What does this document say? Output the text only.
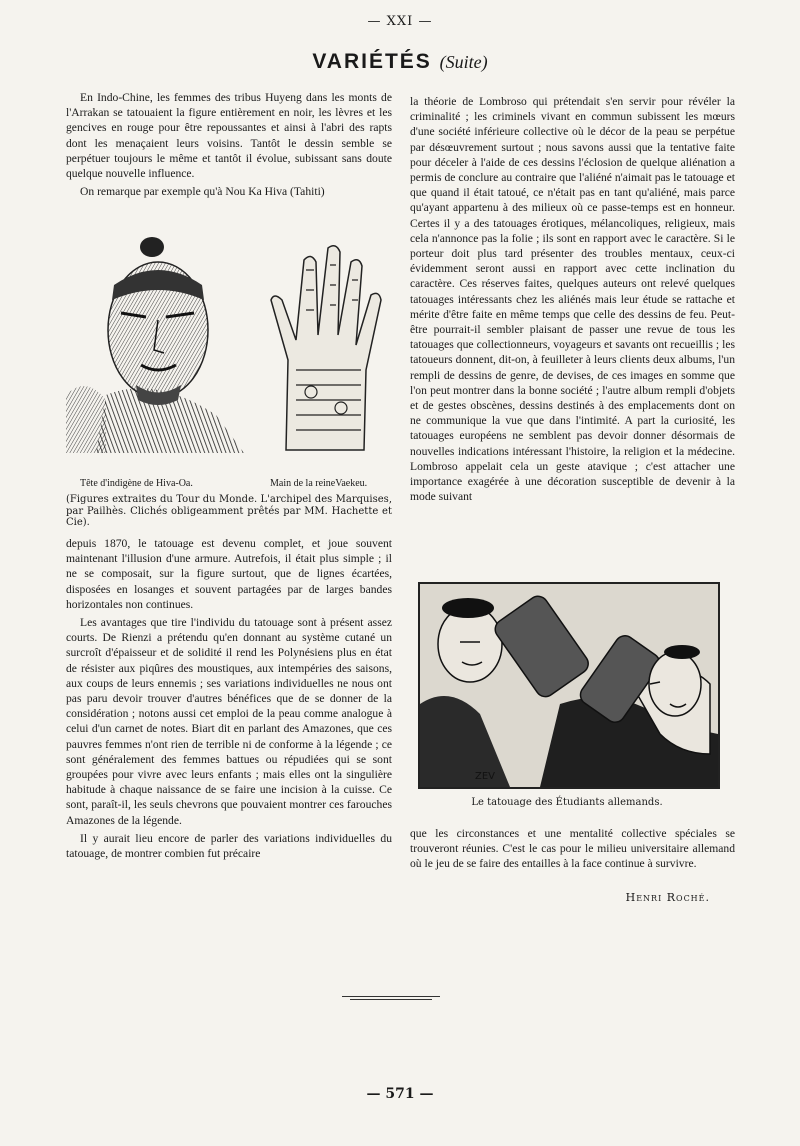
— XXI —
VARIÉTÉS (Suite)

En Indo-Chine, les femmes des tribus Huyeng dans les monts de l'Arrakan se tatouaient la figure entièrement en noir, les lèvres et les gencives en rouge pour être repoussantes et ainsi à l'abri des rapts dont les menaçaient leurs voisins. Tantôt le dessin semble se perpétuer toujours le même et tantôt il évolue, subissant sans doute quelque nouvelle influence.

On remarque par exemple qu'à Nou Ka Hiva (Tahiti)

Tête d'indigène de Hiva-Oa.	Main de la reineVaekeu.
(Figures extraites du Tour du Monde. L'archipel des Marquises, par Pailhès. Clichés obligeamment prêtés par MM. Hachette et Cie).

depuis 1870, le tatouage est devenu complet, et joue souvent maintenant l'illusion d'une armure. Autrefois, il était plus simple ; il ne se composait, sur la figure surtout, que de lignes écartées, disposées en losanges et souvent partagées par de larges bandes horizontales non continues.

Les avantages que tire l'individu du tatouage sont à présent assez courts. De Rienzi a prétendu qu'en donnant au système cutané un surcroît d'épaisseur et de solidité il rend les Polynésiens plus en état de résister aux piqûres des moustiques, aux intempéries des saisons, aux coups de leurs ennemis ; ses variations individuelles ne nous ont pas paru devoir trouver d'autres bénéfices que de se donner de la considération ; notons aussi cet emploi de la peau comme analogue à celui d'un carnet de notes. Biart dit en parlant des Amazones, que ces pauvres femmes n'ont rien de terrible ni de conforme à la légende ; ce sont généralement des femmes battues ou répudiées qui se sont groupées pour vivre avec leurs enfants ; mais elles ont la singulière habitude à chaque naissance de se faire une incision à la cuisse. Ce sont, paraît-il, les seuls chevrons que pouvaient montrer ces farouches Amazones de la légende.

Il y aurait lieu encore de parler des variations individuelles du tatouage, de montrer combien fut précaire

la théorie de Lombroso qui prétendait s'en servir pour révéler la criminalité ; les criminels vivant en commun subissent les mœurs d'une société inférieure collective où le décor de la peau se perpétue par désœuvrement surtout ; nous savons aussi que la tentative faite pour déceler à l'aide de ces dessins l'éclosion de quelque aliénation a permis de conclure au contraire que l'aliéné n'aimait pas le tatouage et que quand il était tatoué, ce n'était pas en tant qu'aliéné, mais parce qu'ayant appartenu à des milieux où ce passe-temps est en honneur. Certes il y a des tatouages érotiques, mélancoliques, religieux, mais cela n'annonce pas la folie ; ils sont en rapport avec le caractère. Si le porteur doit plus tard présenter des troubles mentaux, ceux-ci évidemment seront aussi en rapport avec cette inclination du caractère. Ces réserves faites, quelques auteurs ont relevé quelques tatouages intéressants chez les aliénés mais leur étude se rattache et mérite d'être faite en même temps que celle des dessins de feu. Peut-être pourrait-il sembler plaisant de passer une revue de tous les tatouages que collectionneurs, voyageurs et savants ont recueillis ; les tatoueurs donnent, dit-on, à feuilleter à leurs clients deux albums, l'un rempli de dessins de genre, de devises, de ces images en somme que l'on peut montrer dans la bonne société ; l'autre album rempli d'objets et de gestes obscènes, dessins destinés à des emplacements dont on ne communique la vue que dans l'intimité. A part la curiosité, les tatouages européens ne semblent pas devoir donner désormais de nouvelles indications intéressant l'histoire, la religion et la médecine. Lombroso appelait cela un geste atavique ; c'est attacher une importance exagérée à une décoration susceptible de devenir à la mode suivant

ZEV
Le tatouage des Étudiants allemands.

que les circonstances et une mentalité collective spéciales se trouveront réunies. C'est le cas pour le milieu universitaire allemand où le jeu de se faire des entailles à la face continue à survivre.

Henri Roché.
— 571 —
